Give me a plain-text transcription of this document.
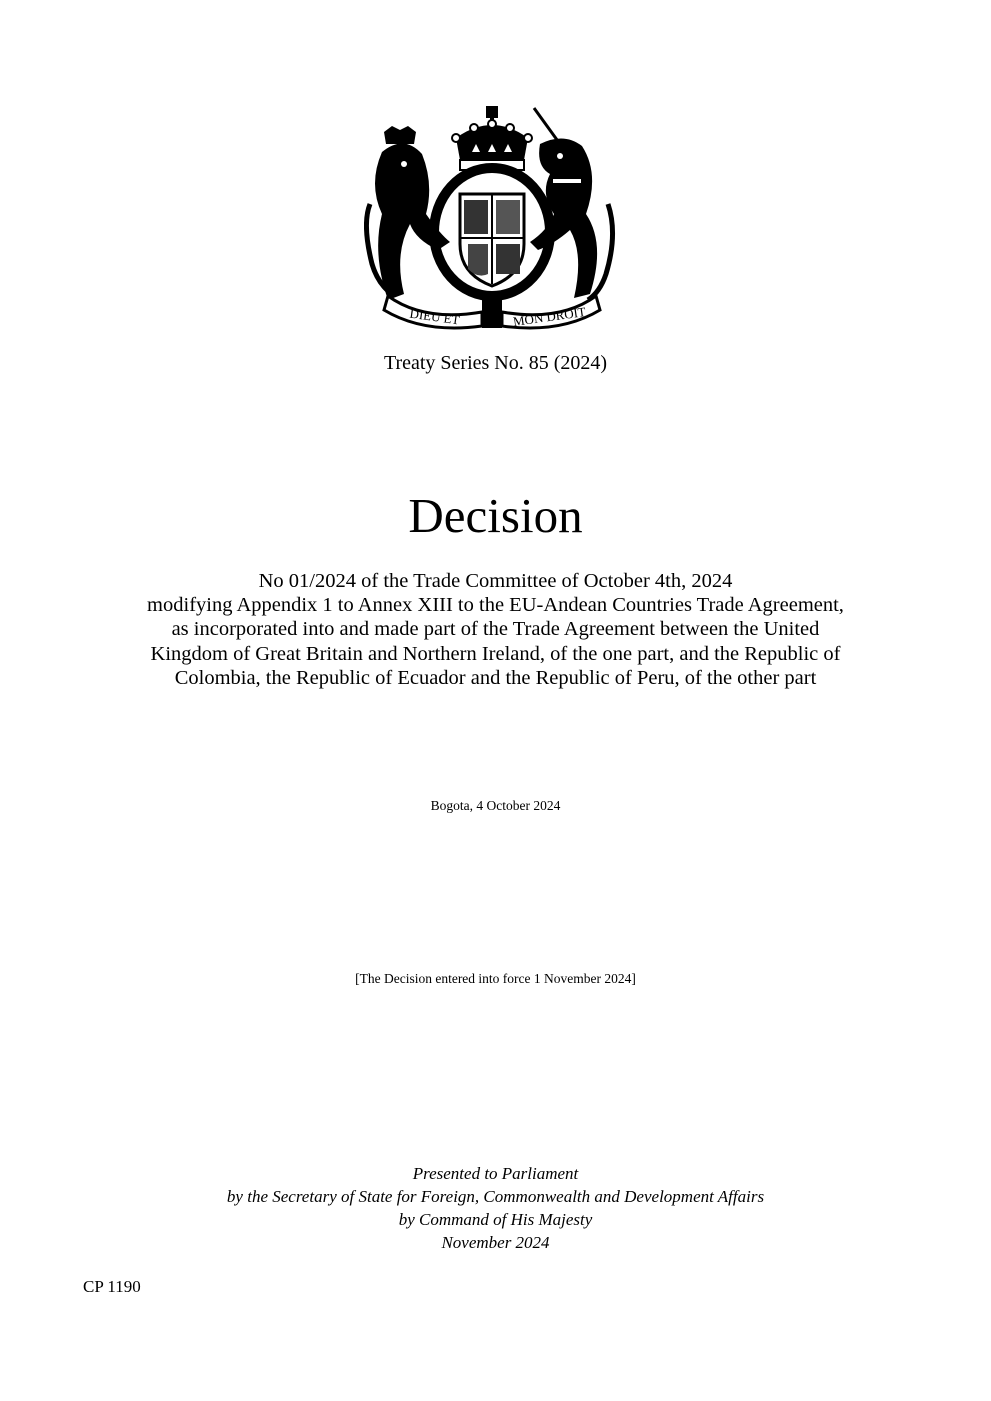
DIEU ET	MON DROIT
Treaty Series No. 85 (2024)
Decision
No 01/2024 of the Trade Committee of October 4th, 2024
modifying Appendix 1 to Annex XIII to the EU-Andean Countries Trade Agreement,
as incorporated into and made part of the Trade Agreement between the United
Kingdom of Great Britain and Northern Ireland, of the one part, and the Republic of
Colombia, the Republic of Ecuador and the Republic of Peru, of the other part
Bogota, 4 October 2024
[The Decision entered into force 1 November 2024]
Presented to Parliament
by the Secretary of State for Foreign, Commonwealth and Development Affairs
by Command of His Majesty
November 2024
CP 1190
